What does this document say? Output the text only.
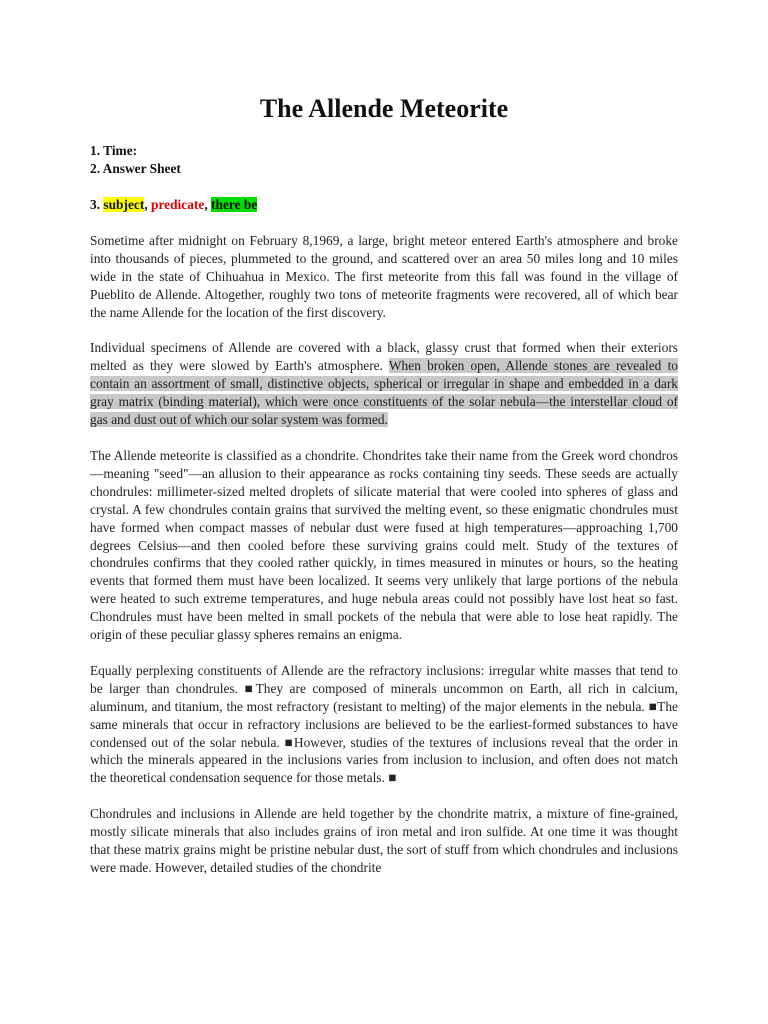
The Allende Meteorite
1. Time:
2. Answer Sheet
3. subject, predicate, there be

Sometime after midnight on February 8,1969, a large, bright meteor entered Earth's atmosphere and broke into thousands of pieces, plummeted to the ground, and scattered over an area 50 miles long and 10 miles wide in the state of Chihuahua in Mexico. The first meteorite from this fall was found in the village of Pueblito de Allende. Altogether, roughly two tons of meteorite fragments were recovered, all of which bear the name Allende for the location of the first discovery.

Individual specimens of Allende are covered with a black, glassy crust that formed when their exteriors melted as they were slowed by Earth's atmosphere. When broken open, Allende stones are revealed to contain an assortment of small, distinctive objects, spherical or irregular in shape and embedded in a dark gray matrix (binding material), which were once constituents of the solar nebula—the interstellar cloud of gas and dust out of which our solar system was formed.

The Allende meteorite is classified as a chondrite. Chondrites take their name from the Greek word chondros—meaning "seed"—an allusion to their appearance as rocks containing tiny seeds. These seeds are actually chondrules: millimeter-sized melted droplets of silicate material that were cooled into spheres of glass and crystal. A few chondrules contain grains that survived the melting event, so these enigmatic chondrules must have formed when compact masses of nebular dust were fused at high temperatures—approaching 1,700 degrees Celsius—and then cooled before these surviving grains could melt. Study of the textures of chondrules confirms that they cooled rather quickly, in times measured in minutes or hours, so the heating events that formed them must have been localized. It seems very unlikely that large portions of the nebula were heated to such extreme temperatures, and huge nebula areas could not possibly have lost heat so fast. Chondrules must have been melted in small pockets of the nebula that were able to lose heat rapidly. The origin of these peculiar glassy spheres remains an enigma.

Equally perplexing constituents of Allende are the refractory inclusions: irregular white masses that tend to be larger than chondrules. ■They are composed of minerals uncommon on Earth, all rich in calcium, aluminum, and titanium, the most refractory (resistant to melting) of the major elements in the nebula. ■The same minerals that occur in refractory inclusions are believed to be the earliest-formed substances to have condensed out of the solar nebula. ■However, studies of the textures of inclusions reveal that the order in which the minerals appeared in the inclusions varies from inclusion to inclusion, and often does not match the theoretical condensation sequence for those metals. ■

Chondrules and inclusions in Allende are held together by the chondrite matrix, a mixture of fine-grained, mostly silicate minerals that also includes grains of iron metal and iron sulfide. At one time it was thought that these matrix grains might be pristine nebular dust, the sort of stuff from which chondrules and inclusions were made. However, detailed studies of the chondrite
